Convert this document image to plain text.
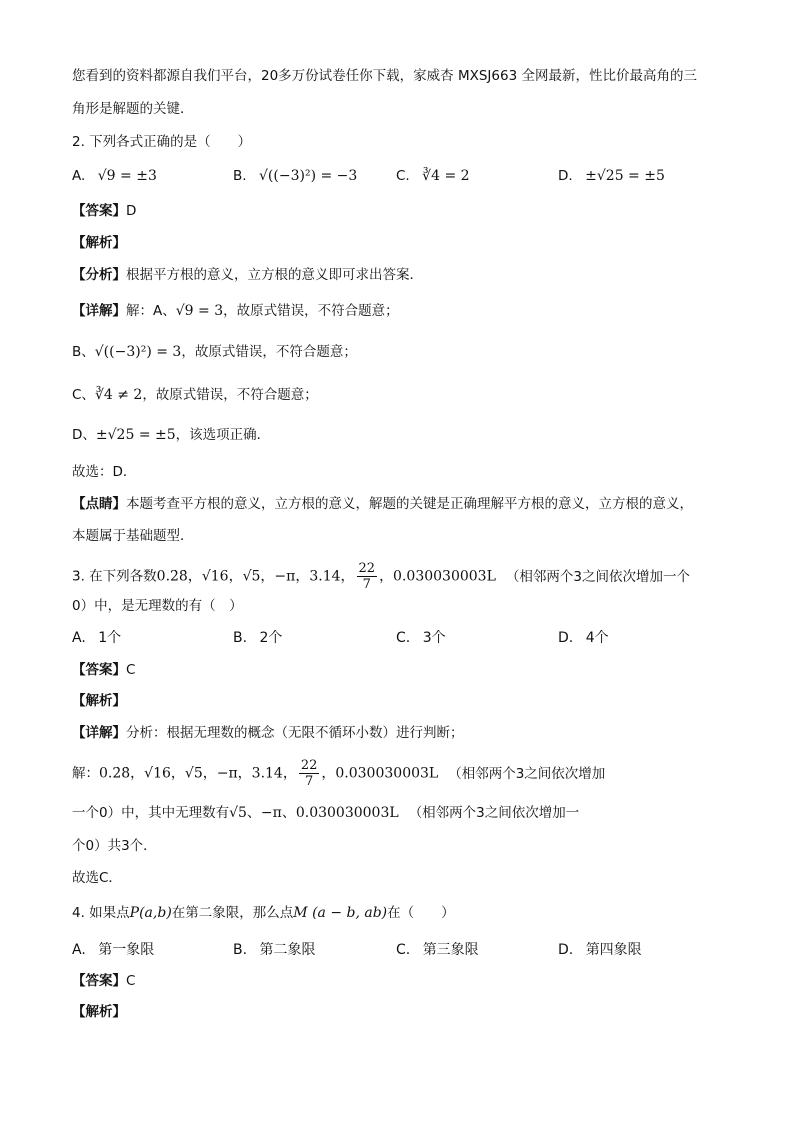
您看到的资料都源自我们平台，20多万份试卷任你下载，家威杏 MXSJ663 全网最新，性比价最高角的三
角形是解题的关键．
2. 下列各式正确的是（　　）
A. √9 = ±3	B. √((−3)²) = −3	C. ∛4 = 2	D. ±√25 = ±5
【答案】D
【解析】
【分析】根据平方根的意义，立方根的意义即可求出答案．
【详解】解：A、√9 = 3，故原式错误，不符合题意；
B、√((−3)²) = 3，故原式错误，不符合题意；
C、∛4 ≠ 2，故原式错误，不符合题意；
D、±√25 = ±5，该选项正确．
故选：D．
【点睛】本题考查平方根的意义，立方根的意义，解题的关键是正确理解平方根的意义，立方根的意义，
本题属于基础题型．
3. 在下列各数0.2̇8̇，√16，√5，−π，3.14， $\frac{22}{7}$ ，0.030030003L （相邻两个3之间依次增加一个
0）中，是无理数的有（　）
A. 1个	B. 2个	C. 3个	D. 4个
【答案】C
【解析】
【详解】分析：根据无理数的概念（无限不循环小数）进行判断；
解：0.2̇8̇，√16，√5，−π，3.14， $\frac{22}{7}$ ，0.030030003L （相邻两个3之间依次增加
一个0）中，其中无理数有√5、−π、0.030030003L （相邻两个3之间依次增加一
个0）共3个．
故选C．
4. 如果点P(a,b)在第二象限，那么点M (a − b, ab)在（　　）
A. 第一象限	B. 第二象限	C. 第三象限	D. 第四象限
【答案】C
【解析】
